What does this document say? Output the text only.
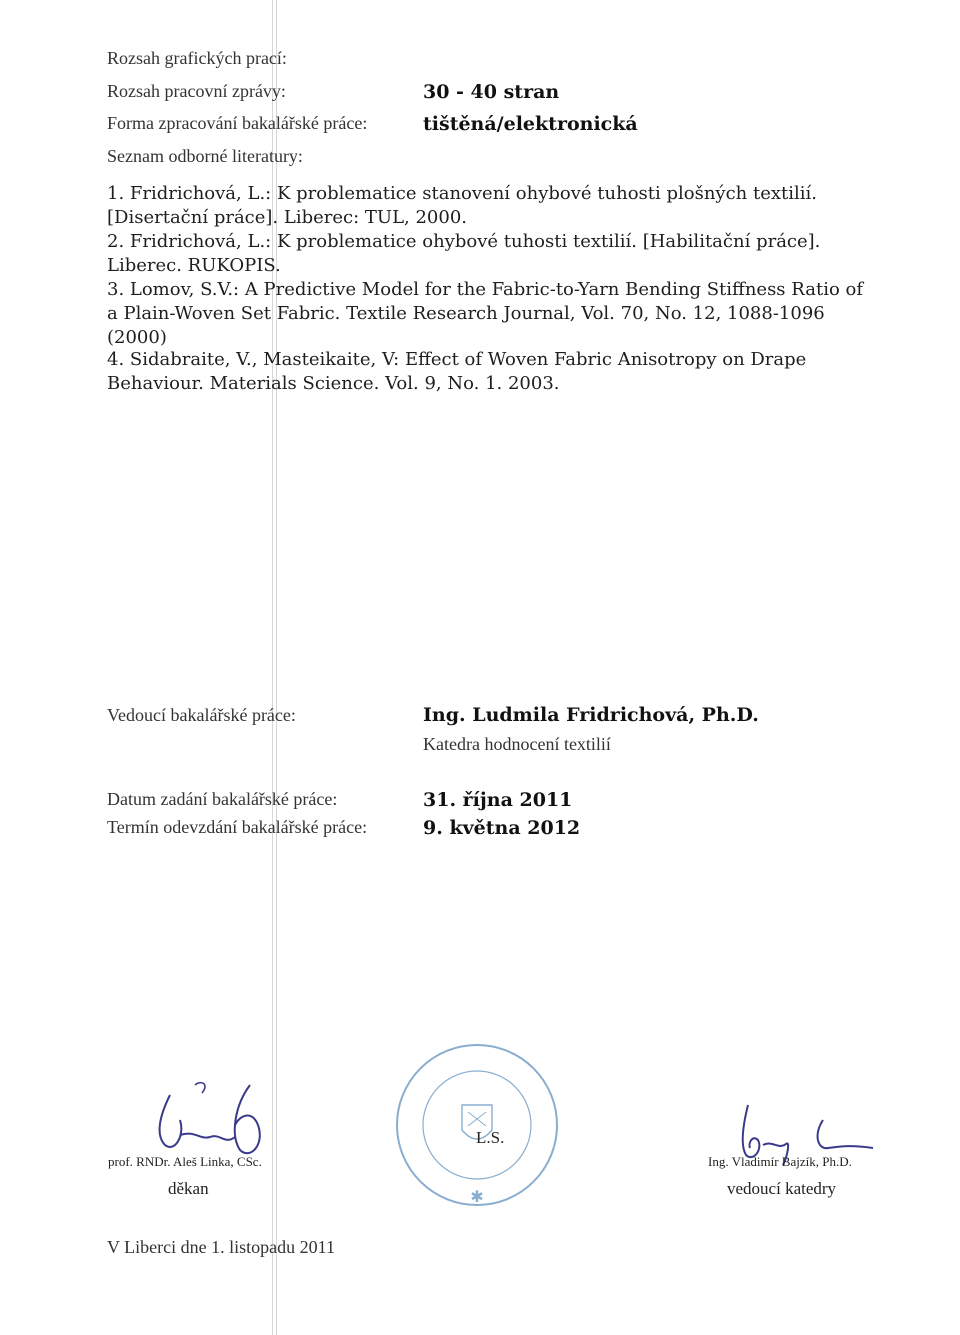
Rozsah grafických prací:
Rozsah pracovní zprávy:	30 - 40 stran
Forma zpracování bakalářské práce:	tištěná/elektronická
Seznam odborné literatury:
1. Fridrichová, L.: K problematice stanovení ohybové tuhosti plošných textilií. [Disertační práce]. Liberec: TUL, 2000.
2. Fridrichová, L.: K problematice ohybové tuhosti textilií. [Habilitační práce]. Liberec. RUKOPIS.
3. Lomov, S.V.: A Predictive Model for the Fabric-to-Yarn Bending Stiffness Ratio of a Plain-Woven Set Fabric. Textile Research Journal, Vol. 70, No. 12, 1088-1096 (2000)
4. Sidabraite, V., Masteikaite, V: Effect of Woven Fabric Anisotropy on Drape Behaviour. Materials Science. Vol. 9, No. 1. 2003.
Vedoucí bakalářské práce:	Ing. Ludmila Fridrichová, Ph.D.
Katedra hodnocení textilií
Datum zadání bakalářské práce:	31. října 2011
Termín odevzdání bakalářské práce:	9. května 2012
prof. RNDr. Aleš Linka, CSc.
děkan	✱
L.S.
Ing. Vladimír Bajzík, Ph.D.
vedoucí katedry
V Liberci dne 1. listopadu 2011
